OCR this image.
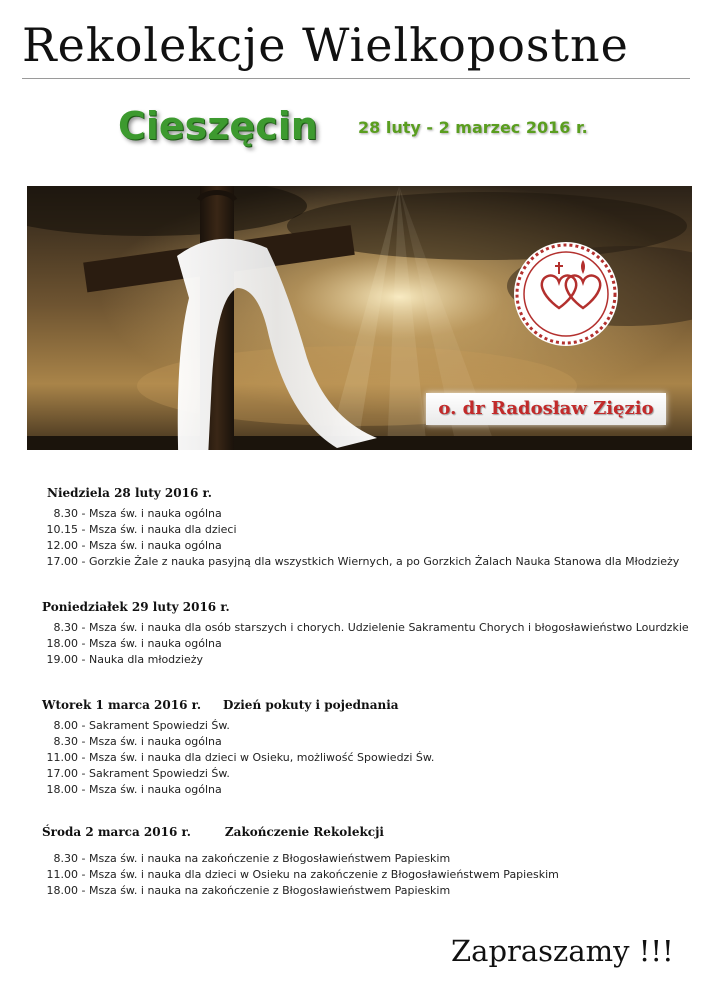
Rekolekcje Wielkopostne
Cieszęcin	28 luty - 2 marzec 2016 r.
o. dr Radosław Zięzio
Niedziela 28 luty 2016 r.
8.30 - Msza św. i nauka ogólna
10.15 - Msza św. i nauka dla dzieci
12.00 - Msza św. i nauka ogólna
17.00 - Gorzkie Żale z nauka pasyjną dla wszystkich Wiernych, a po Gorzkich Żalach Nauka Stanowa dla Młodzieży
Poniedziałek 29 luty 2016 r.
8.30 - Msza św. i nauka dla osób starszych i chorych. Udzielenie Sakramentu Chorych i błogosławieństwo Lourdzkie
18.00 - Msza św. i nauka ogólna
19.00 - Nauka dla młodzieży
Wtorek 1 marca 2016 r. Dzień pokuty i pojednania
8.00 - Sakrament Spowiedzi Św.
8.30 - Msza św. i nauka ogólna
11.00 - Msza św. i nauka dla dzieci w Osieku, możliwość Spowiedzi Św.
17.00 - Sakrament Spowiedzi Św.
18.00 - Msza św. i nauka ogólna
Środa 2 marca 2016 r.	Zakończenie Rekolekcji
8.30 - Msza św. i nauka na zakończenie z Błogosławieństwem Papieskim
11.00 - Msza św. i nauka dla dzieci w Osieku na zakończenie z Błogosławieństwem Papieskim
18.00 - Msza św. i nauka na zakończenie z Błogosławieństwem Papieskim
Zapraszamy !!!
